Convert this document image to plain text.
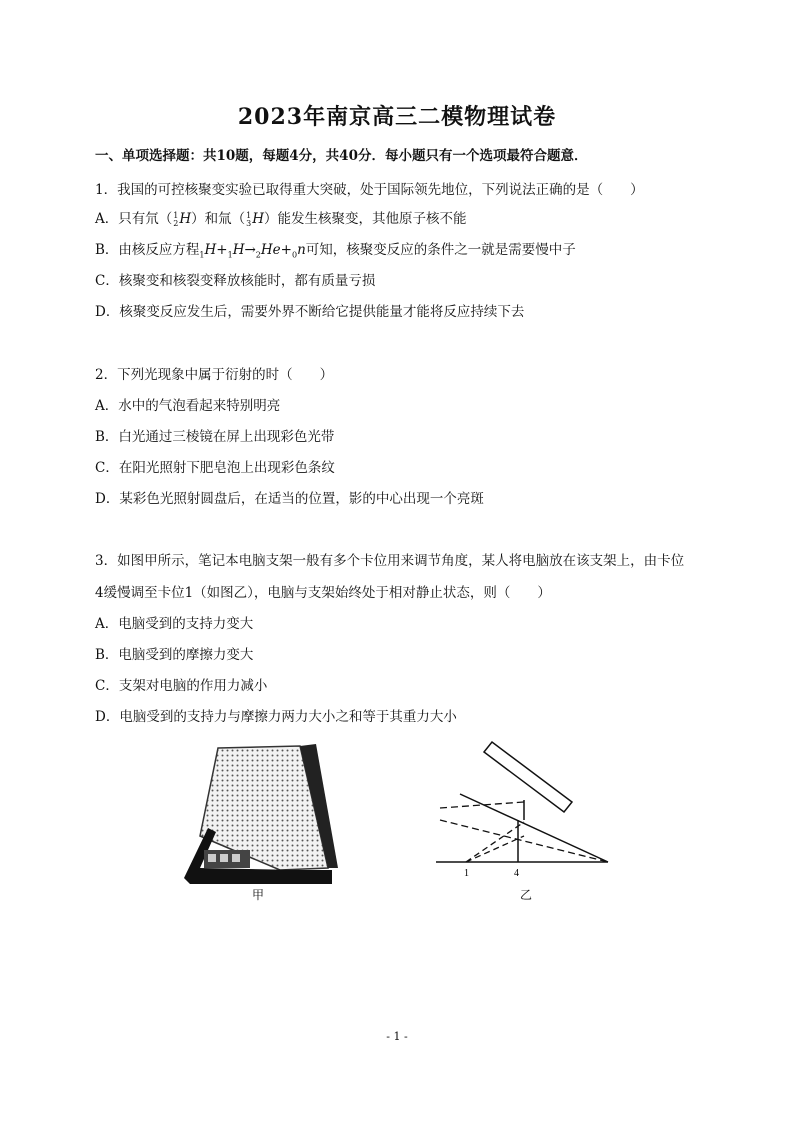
2023年南京高三二模物理试卷
一、单项选择题：共10题，每题4分，共40分．每小题只有一个选项最符合题意．
1．我国的可控核聚变实验已取得重大突破，处于国际领先地位，下列说法正确的是（　　）
A．只有氘（ 1
2 H）和氚（ 1
3 H）能发生核聚变，其他原子核不能
B．由核反应方程$_1H+_1H\to_2He+_0n$可知，核聚变反应的条件之一就是需要慢中子
C．核聚变和核裂变释放核能时，都有质量亏损
D．核聚变反应发生后，需要外界不断给它提供能量才能将反应持续下去
2．下列光现象中属于衍射的时（　　）
A．水中的气泡看起来特别明亮
B．白光通过三棱镜在屏上出现彩色光带
C．在阳光照射下肥皂泡上出现彩色条纹
D．某彩色光照射圆盘后，在适当的位置，影的中心出现一个亮斑
3．如图甲所示，笔记本电脑支架一般有多个卡位用来调节角度，某人将电脑放在该支架上，由卡位
4缓慢调至卡位1（如图乙），电脑与支架始终处于相对静止状态，则（　　）
A．电脑受到的支持力变大
B．电脑受到的摩擦力变大
C．支架对电脑的作用力减小
D．电脑受到的支持力与摩擦力两力大小之和等于其重力大小
甲
1	4
乙
- 1 -
